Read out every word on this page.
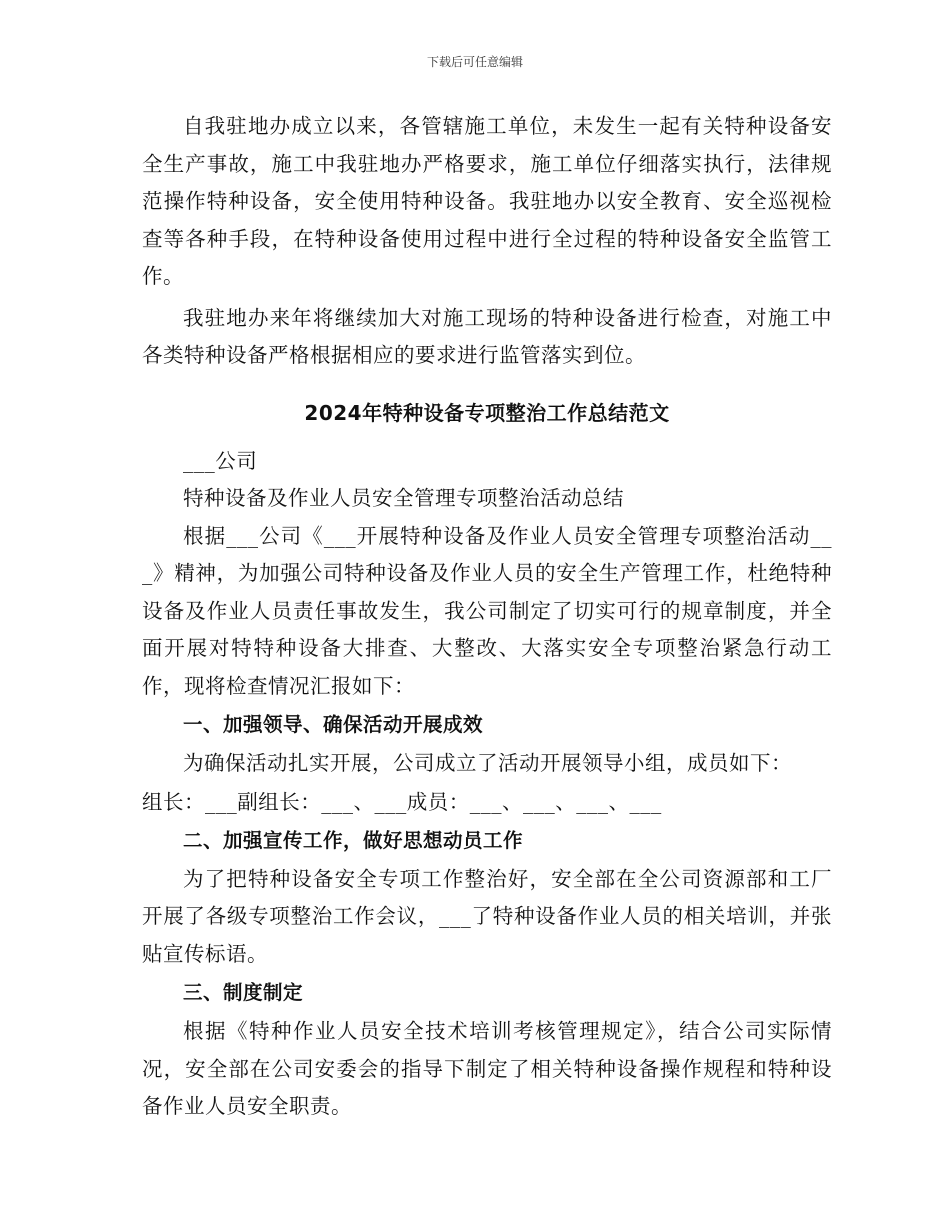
下载后可任意编辑

自我驻地办成立以来，各管辖施工单位，未发生一起有关特种设备安全生产事故，施工中我驻地办严格要求，施工单位仔细落实执行，法律规范操作特种设备，安全使用特种设备。我驻地办以安全教育、安全巡视检查等各种手段，在特种设备使用过程中进行全过程的特种设备安全监管工作。

我驻地办来年将继续加大对施工现场的特种设备进行检查，对施工中各类特种设备严格根据相应的要求进行监管落实到位。

2024年特种设备专项整治工作总结范文

___公司

特种设备及作业人员安全管理专项整治活动总结

根据___公司《___开展特种设备及作业人员安全管理专项整治活动___》精神，为加强公司特种设备及作业人员的安全生产管理工作，杜绝特种设备及作业人员责任事故发生，我公司制定了切实可行的规章制度，并全面开展对特特种设备大排查、大整改、大落实安全专项整治紧急行动工作，现将检查情况汇报如下：

一、加强领导、确保活动开展成效

为确保活动扎实开展，公司成立了活动开展领导小组，成员如下：

组长：___副组长：___、___成员：___、___、___、___

二、加强宣传工作，做好思想动员工作

为了把特种设备安全专项工作整治好，安全部在全公司资源部和工厂开展了各级专项整治工作会议，___了特种设备作业人员的相关培训，并张贴宣传标语。

三、制度制定

根据《特种作业人员安全技术培训考核管理规定》，结合公司实际情况，安全部在公司安委会的指导下制定了相关特种设备操作规程和特种设备作业人员安全职责。
